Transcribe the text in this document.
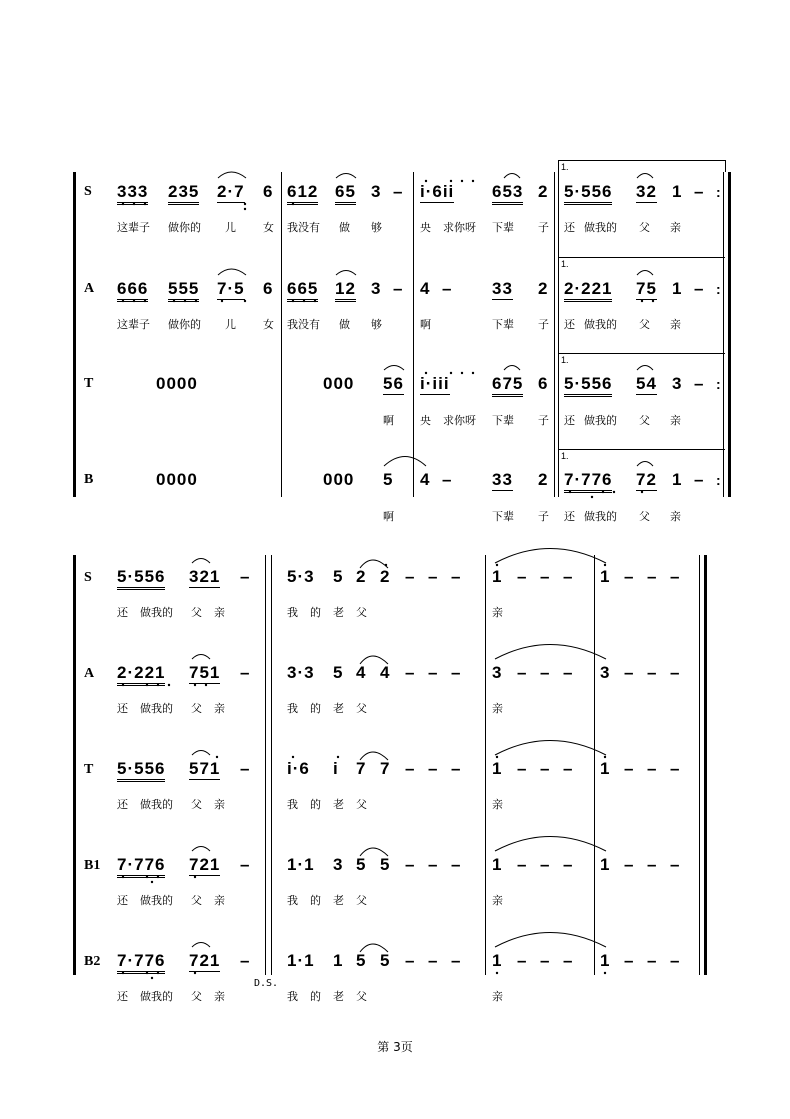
1.
1.
1.
1.
S 333 235 2·7 6 612 65 3 – i·6ii 653 2 5·556 32 1 – :
这辈子 做你的 儿 女 我没有 做 够	央 求你呀 下辈 子 还 做我的 父 亲
A 666 555 7·5 6 665 12 3 – 4 – 33 2 2·221 75 1 – :
这辈子 做你的 儿 女 我没有 做 够	啊	下辈 子 还 做我的 父 亲
T	0000	000 56 i·iii 675 6 5·556 54 3 – :
啊 央 求你呀 下辈 子 还 做我的 父 亲
B	0000	000 5 4 – 33 2 7·776 72 1 – :
啊	下辈 子 还 做我的 父 亲
S 5·556 321 – 5·3 5 2 2 – – – 1 – – – 1 – – –
还 做我的 父 亲	我 的 老 父	亲
A 2·221 751 – 3·3 5 4 4 – – – 3 – – – 3 – – –
还 做我的 父 亲	我 的 老 父	亲
T 5·556 571 – i·6 i 7 7 – – – 1 – – – 1 – – –
还 做我的 父 亲	我 的 老 父	亲
B1 7·776 721 – 1·1 3 5 5 – – – 1 – – – 1 – – –
还 做我的 父 亲	我 的 老 父	亲
B2 7·776 721 – 1·1 1 5 5 – – – 1 – – – 1 – – –
D.S.
还 做我的 父 亲	我 的 老 父	亲
第 3页
